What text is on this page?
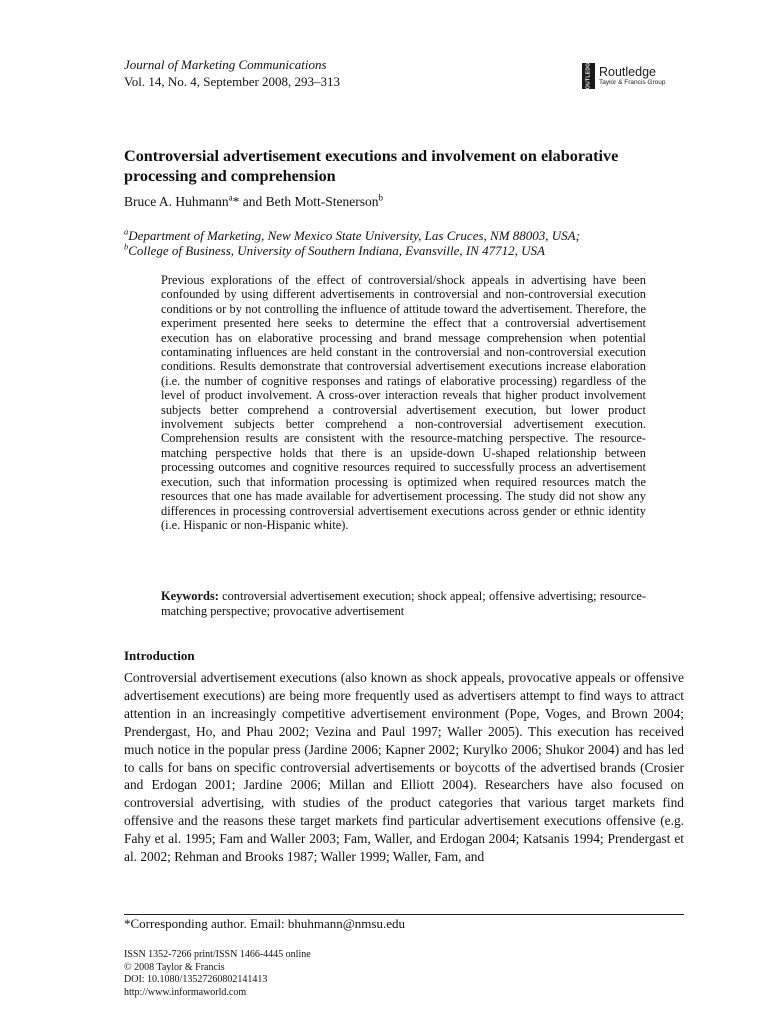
Journal of Marketing Communications
Vol. 14, No. 4, September 2008, 293–313	ROUTLEDGE Routledge
Taylor & Francis Group
Controversial advertisement executions and involvement on elaborative processing and comprehension
Bruce A. Huhmann$^a$* and Beth Mott-Stenerson$^b$
$^a$Department of Marketing, New Mexico State University, Las Cruces, NM 88003, USA;
$^b$College of Business, University of Southern Indiana, Evansville, IN 47712, USA

Previous explorations of the effect of controversial/shock appeals in advertising have been confounded by using different advertisements in controversial and non-controversial execution conditions or by not controlling the influence of attitude toward the advertisement. Therefore, the experiment presented here seeks to determine the effect that a controversial advertisement execution has on elaborative processing and brand message comprehension when potential contaminating influences are held constant in the controversial and non-controversial execution conditions. Results demonstrate that controversial advertisement executions increase elaboration (i.e. the number of cognitive responses and ratings of elaborative processing) regardless of the level of product involvement. A cross-over interaction reveals that higher product involvement subjects better comprehend a controversial advertisement execution, but lower product involvement subjects better comprehend a non-controversial advertisement execution. Comprehension results are consistent with the resource-matching perspective. The resource-matching perspective holds that there is an upside-down U-shaped relationship between processing outcomes and cognitive resources required to successfully process an advertisement execution, such that information processing is optimized when required resources match the resources that one has made available for advertisement processing. The study did not show any differences in processing controversial advertisement executions across gender or ethnic identity (i.e. Hispanic or non-Hispanic white).

Keywords: controversial advertisement execution; shock appeal; offensive advertising; resource-matching perspective; provocative advertisement

Introduction

Controversial advertisement executions (also known as shock appeals, provocative appeals or offensive advertisement executions) are being more frequently used as advertisers attempt to find ways to attract attention in an increasingly competitive advertisement environment (Pope, Voges, and Brown 2004; Prendergast, Ho, and Phau 2002; Vezina and Paul 1997; Waller 2005). This execution has received much notice in the popular press (Jardine 2006; Kapner 2002; Kurylko 2006; Shukor 2004) and has led to calls for bans on specific controversial advertisements or boycotts of the advertised brands (Crosier and Erdogan 2001; Jardine 2006; Millan and Elliott 2004). Researchers have also focused on controversial advertising, with studies of the product categories that various target markets find offensive and the reasons these target markets find particular advertisement executions offensive (e.g. Fahy et al. 1995; Fam and Waller 2003; Fam, Waller, and Erdogan 2004; Katsanis 1994; Prendergast et al. 2002; Rehman and Brooks 1987; Waller 1999; Waller, Fam, and

*Corresponding author. Email: bhuhmann@nmsu.edu
ISSN 1352-7266 print/ISSN 1466-4445 online
© 2008 Taylor & Francis
DOI: 10.1080/13527260802141413
http://www.informaworld.com
